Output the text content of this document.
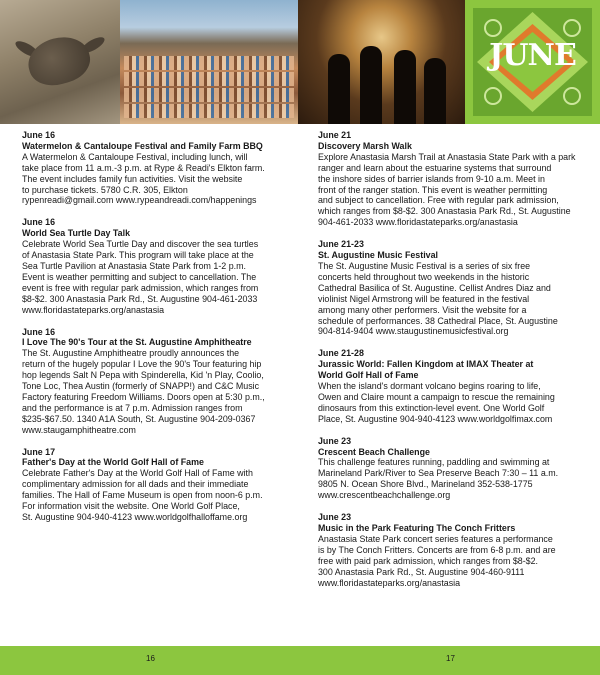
JUNE
June 16
Watermelon & Cantaloupe Festival and Family Farm BBQ
A Watermelon & Cantaloupe Festival, including lunch, will
take place from 11 a.m.-3 p.m. at Rype & Readi's Elkton farm.
The event includes family fun activities. Visit the website
to purchase tickets. 5780 C.R. 305, Elkton
rypenreadi@gmail.com www.rypeandreadi.com/happenings
June 16
World Sea Turtle Day Talk
Celebrate World Sea Turtle Day and discover the sea turtles
of Anastasia State Park. This program will take place at the
Sea Turtle Pavilion at Anastasia State Park from 1-2 p.m.
Event is weather permitting and subject to cancellation. The
event is free with regular park admission, which ranges from
$8-$2. 300 Anastasia Park Rd., St. Augustine 904-461-2033
www.floridastateparks.org/anastasia
June 16
I Love The 90's Tour at the St. Augustine Amphitheatre
The St. Augustine Amphitheatre proudly announces the
return of the hugely popular I Love the 90's Tour featuring hip
hop legends Salt N Pepa with Spinderella, Kid 'n Play, Coolio,
Tone Loc, Thea Austin (formerly of SNAPP!) and C&C Music
Factory featuring Freedom Williams. Doors open at 5:30 p.m.,
and the performance is at 7 p.m. Admission ranges from
$235-$67.50. 1340 A1A South, St. Augustine 904-209-0367
www.staugamphitheatre.com
June 17
Father's Day at the World Golf Hall of Fame
Celebrate Father's Day at the World Golf Hall of Fame with
complimentary admission for all dads and their immediate
families. The Hall of Fame Museum is open from noon-6 p.m.
For information visit the website. One World Golf Place,
St. Augustine 904-940-4123 www.worldgolfhalloffame.org
June 21
Discovery Marsh Walk
Explore Anastasia Marsh Trail at Anastasia State Park with a park
ranger and learn about the estuarine systems that surround
the inshore sides of barrier islands from 9-10 a.m. Meet in
front of the ranger station. This event is weather permitting
and subject to cancellation. Free with regular park admission,
which ranges from $8-$2. 300 Anastasia Park Rd., St. Augustine
904-461-2033 www.floridastateparks.org/anastasia
June 21-23
St. Augustine Music Festival
The St. Augustine Music Festival is a series of six free
concerts held throughout two weekends in the historic
Cathedral Basilica of St. Augustine. Cellist Andres Diaz and
violinist Nigel Armstrong will be featured in the festival
among many other performers. Visit the website for a
schedule of performances. 38 Cathedral Place, St. Augustine
904-814-9404 www.staugustinemusicfestival.org
June 21-28
Jurassic World: Fallen Kingdom at IMAX Theater at
World Golf Hall of Fame
When the island's dormant volcano begins roaring to life,
Owen and Claire mount a campaign to rescue the remaining
dinosaurs from this extinction-level event. One World Golf
Place, St. Augustine 904-940-4123 www.worldgolfimax.com
June 23
Crescent Beach Challenge
This challenge features running, paddling and swimming at
Marineland Park/River to Sea Preserve Beach 7:30 – 11 a.m.
9805 N. Ocean Shore Blvd., Marineland 352-538-1775
www.crescentbeachchallenge.org
June 23
Music in the Park Featuring The Conch Fritters
Anastasia State Park concert series features a performance
is by The Conch Fritters. Concerts are from 6-8 p.m. and are
free with paid park admission, which ranges from $8-$2.
300 Anastasia Park Rd., St. Augustine 904-460-9111
www.floridastateparks.org/anastasia
16	17
